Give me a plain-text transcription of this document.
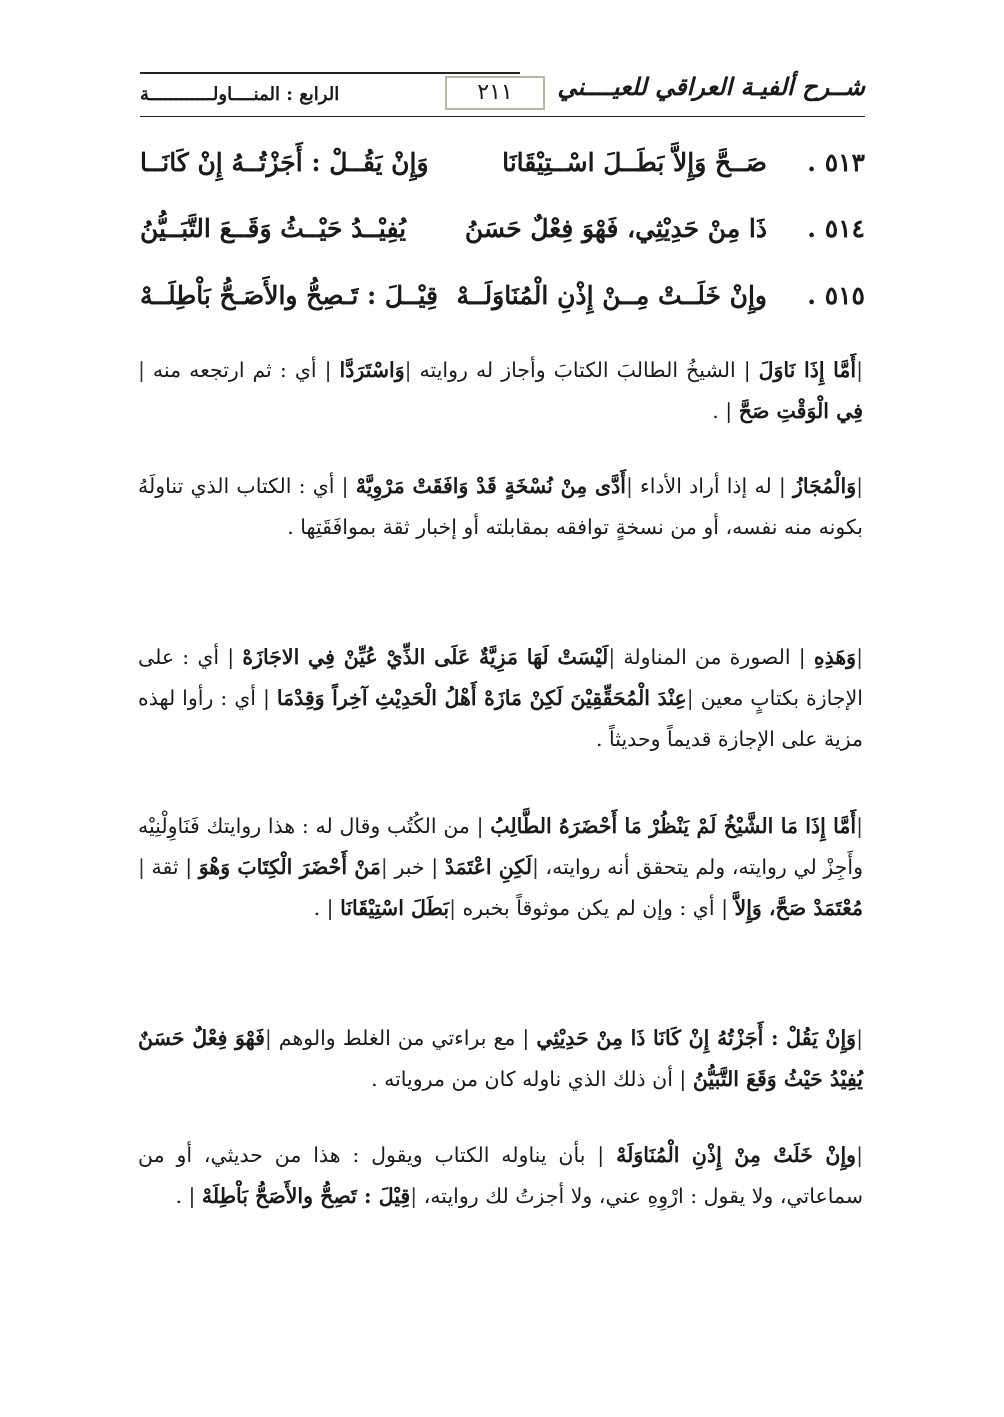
شــرح ألفيـة العراقي للعيــــني
٢١١
الرابع : المنــــاولــــــــــــة
٥١٣ .
صَــحَّ وَإِلاَّ بَطَــلَ اسْــتِيْقَانَا
وَإِنْ يَقُــلْ : أَجَزْتُــهُ إِنْ كَانَــا
٥١٤ .
ذَا مِنْ حَدِيْثِي، فَهْوَ فِعْلٌ حَسَنُ
يُفِيْــدُ حَيْــثُ وَقَــعَ التَّبَــيُّنُ
٥١٥ .
وإِنْ خَلَــتْ مِــنْ إِذْنِ الْمُنَاوَلَــهْ
قِيْــلَ : تَـصِحُّ والأَصَـحُّ بَاْطِلَــهْ
|أَمَّا إِذَا نَاوَلَ | الشيخُ الطالبَ الكتابَ وأجاز له روايته |وَاسْتَرَدَّا | أي : ثم ارتجعه منه |فِي الْوَقْتِ صَحَّ | .
|وَالْمُجَازُ | له إذا أراد الأداء |أَدَّى مِنْ نُسْخَةٍ قَدْ وَافَقَتْ مَرْوِيَّهْ | أي : الكتاب الذي تناولَهُ بكونه منه نفسه، أو من نسخةٍ توافقه بمقابلته أو إخبار ثقة بموافَقَتِها .
|وَهَذِهِ | الصورة من المناولة |لَيْسَتْ لَهَا مَزِيَّةٌ عَلَى الذِّيْ عُيِّنْ فِي الاجَازَهْ | أي : على الإجازة بكتابٍ معين |عِنْدَ الْمُحَقِّقِيْنَ لَكِنْ مَازَهْ أَهْلُ الْحَدِيْثِ آخِراً وَقِدْمَا | أي : رأوا لهذه مزية على الإجازة قديماً وحديثاً .
|أَمَّا إِذَا مَا الشَّيْخُ لَمْ يَنْظُرْ مَا أَحْضَرَهُ الطَّالِبُ | من الكُتُب وقال له : هذا روايتك فَنَاوِلْنِيْه وأَجِزْ لي روايته، ولم يتحقق أنه روايته، |لَكِنِ اعْتَمَدْ | خبر |مَنْ أَحْضَرَ الْكِتَابَ وَهْوَ | ثقة |مُعْتَمَدْ صَحَّ، وَإِلاَّ | أي : وإن لم يكن موثوقاً بخبره |بَطَلَ اسْتِيْقَانَا | .
|وَإِنْ يَقُلْ : أَجَزْتُهُ إِنْ كَانَا ذَا مِنْ حَدِيْثِي | مع براءتي من الغلط والوهم |فَهْوَ فِعْلٌ حَسَنٌ يُفِيْدُ حَيْثُ وَقَعَ التَّبَيُّنُ | أن ذلك الذي ناوله كان من مروياته .
|وإِنْ خَلَتْ مِنْ إِذْنِ الْمُنَاوَلَهْ | بأن يناوله الكتاب ويقول : هذا من حديثي، أو من سماعاتي، ولا يقول : ارْوِهِ عني، ولا أجزتُ لك روايته، |قِيْلَ : تَصِحُّ والأَصَحُّ بَاْطِلَهْ | .
